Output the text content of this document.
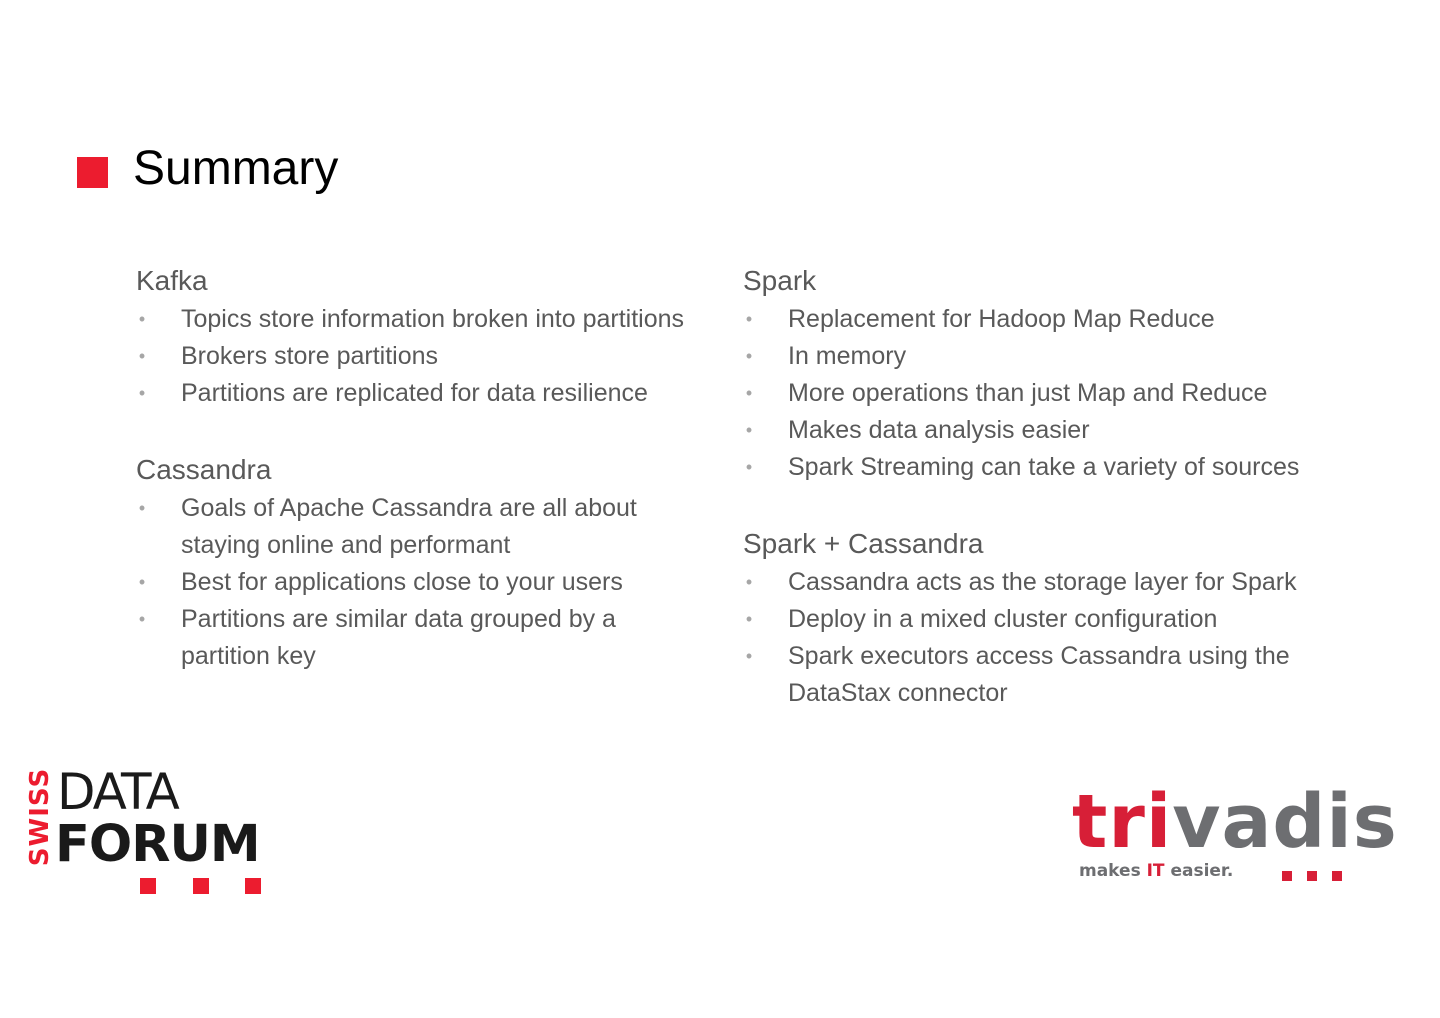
Summary
Kafka
• Topics store information broken into partitions
• Brokers store partitions
• Partitions are replicated for data resilience
Cassandra
• Goals of Apache Cassandra are all about staying online and performant
• Best for applications close to your users
• Partitions are similar data grouped by a partition key
Spark
• Replacement for Hadoop Map Reduce
• In memory
• More operations than just Map and Reduce
• Makes data analysis easier
• Spark Streaming can take a variety of sources
Spark + Cassandra
• Cassandra acts as the storage layer for Spark
• Deploy in a mixed cluster configuration
• Spark executors access Cassandra using the DataStax connector
SWISS DATA
FORUM	trivadis
makes IT easier.
